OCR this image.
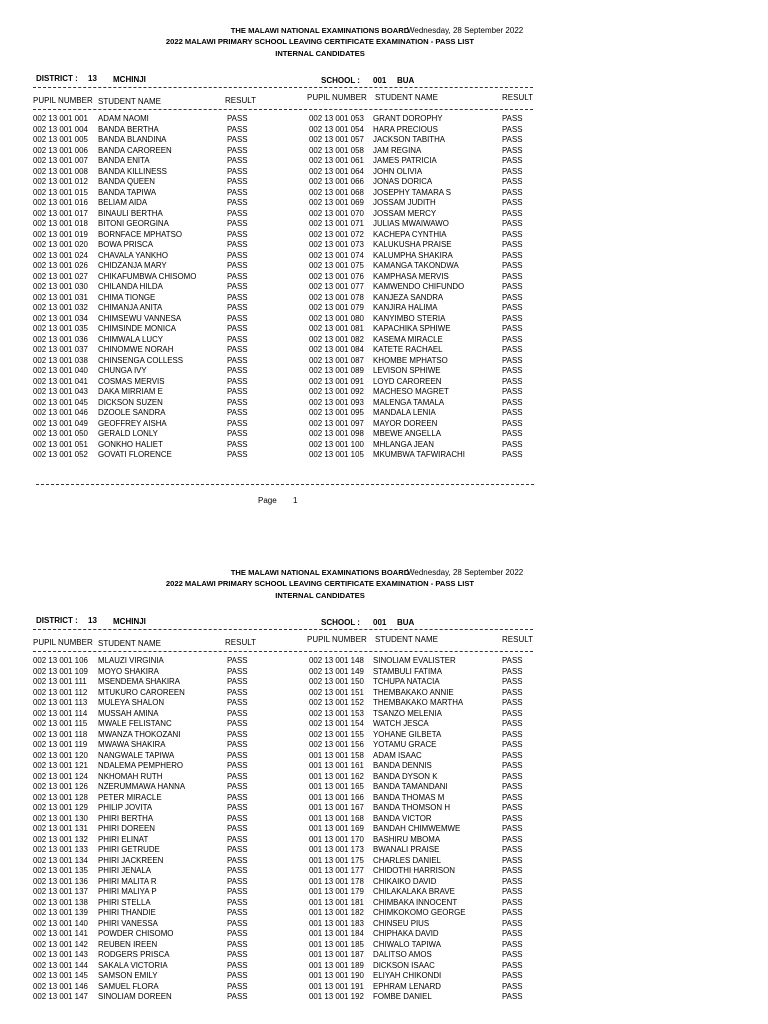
THE MALAWI NATIONAL EXAMINATIONS BOARD
Wednesday, 28 September 2022
2022 MALAWI PRIMARY SCHOOL LEAVING CERTIFICATE EXAMINATION - PASS LIST
INTERNAL CANDIDATES
DISTRICT : 13 MCHINJI	SCHOOL : 001 BUA
PUPIL NUMBER STUDENT NAME	RESULT	PUPIL NUMBER STUDENT NAME	RESULT
002 13 001 001 ADAM NAOMI	PASS	002 13 001 053 GRANT DOROPHY	PASS
002 13 001 004 BANDA BERTHA	PASS	002 13 001 054 HARA PRECIOUS	PASS
002 13 001 005 BANDA BLANDINA	PASS	002 13 001 057 JACKSON TABITHA	PASS
002 13 001 006 BANDA CAROREEN	PASS	002 13 001 058 JAM REGINA	PASS
002 13 001 007 BANDA ENITA	PASS	002 13 001 061 JAMES PATRICIA	PASS
002 13 001 008 BANDA KILLINESS	PASS	002 13 001 064 JOHN OLIVIA	PASS
002 13 001 012 BANDA QUEEN	PASS	002 13 001 066 JONAS DORICA	PASS
002 13 001 015 BANDA TAPIWA	PASS	002 13 001 068 JOSEPHY TAMARA S	PASS
002 13 001 016 BELIAM AIDA	PASS	002 13 001 069 JOSSAM JUDITH	PASS
002 13 001 017 BINAULI BERTHA	PASS	002 13 001 070 JOSSAM MERCY	PASS
002 13 001 018 BITONI GEORGINA	PASS	002 13 001 071 JULIAS MWAIWAWO	PASS
002 13 001 019 BORNFACE MPHATSO	PASS	002 13 001 072 KACHEPA CYNTHIA	PASS
002 13 001 020 BOWA PRISCA	PASS	002 13 001 073 KALUKUSHA PRAISE	PASS
002 13 001 024 CHAVALA YANKHO	PASS	002 13 001 074 KALUMPHA SHAKIRA	PASS
002 13 001 026 CHIDZANJA MARY	PASS	002 13 001 075 KAMANGA TAKONDWA	PASS
002 13 001 027 CHIKAFUMBWA CHISOMO	PASS	002 13 001 076 KAMPHASA MERVIS	PASS
002 13 001 030 CHILANDA HILDA	PASS	002 13 001 077 KAMWENDO CHIFUNDO	PASS
002 13 001 031 CHIMA TIONGE	PASS	002 13 001 078 KANJEZA SANDRA	PASS
002 13 001 032 CHIMANJA ANITA	PASS	002 13 001 079 KANJIRA HALIMA	PASS
002 13 001 034 CHIMSEWU VANNESA	PASS	002 13 001 080 KANYIMBO STERIA	PASS
002 13 001 035 CHIMSINDE MONICA	PASS	002 13 001 081 KAPACHIKA SPHIWE	PASS
002 13 001 036 CHIMWALA LUCY	PASS	002 13 001 082 KASEMA MIRACLE	PASS
002 13 001 037 CHINOMWE NORAH	PASS	002 13 001 084 KATETE RACHAEL	PASS
002 13 001 038 CHINSENGA COLLESS	PASS	002 13 001 087 KHOMBE MPHATSO	PASS
002 13 001 040 CHUNGA IVY	PASS	002 13 001 089 LEVISON SPHIWE	PASS
002 13 001 041 COSMAS MERVIS	PASS	002 13 001 091 LOYD CAROREEN	PASS
002 13 001 043 DAKA MIRRIAM E	PASS	002 13 001 092 MACHESO MAGRET	PASS
002 13 001 045 DICKSON SUZEN	PASS	002 13 001 093 MALENGA TAMALA	PASS
002 13 001 046 DZOOLE SANDRA	PASS	002 13 001 095 MANDALA LENIA	PASS
002 13 001 049 GEOFFREY AISHA	PASS	002 13 001 097 MAYOR DOREEN	PASS
002 13 001 050 GERALD LONLY	PASS	002 13 001 098 MBEWE ANGELLA	PASS
002 13 001 051 GONKHO HALIET	PASS	002 13 001 100 MHLANGA JEAN	PASS
002 13 001 052 GOVATI FLORENCE	PASS	002 13 001 105 MKUMBWA TAFWIRACHI	PASS
Page 1
THE MALAWI NATIONAL EXAMINATIONS BOARD
Wednesday, 28 September 2022
2022 MALAWI PRIMARY SCHOOL LEAVING CERTIFICATE EXAMINATION - PASS LIST
INTERNAL CANDIDATES
DISTRICT : 13 MCHINJI	SCHOOL : 001 BUA
PUPIL NUMBER STUDENT NAME	RESULT	PUPIL NUMBER STUDENT NAME	RESULT
002 13 001 106 MLAUZI VIRGINIA	PASS	002 13 001 148 SINOLIAM EVALISTER	PASS
002 13 001 109 MOYO SHAKIRA	PASS	002 13 001 149 STAMBULI FATIMA	PASS
002 13 001 111 MSENDEMA SHAKIRA	PASS	002 13 001 150 TCHUPA NATACIA	PASS
002 13 001 112 MTUKURO CAROREEN	PASS	002 13 001 151 THEMBAKAKO ANNIE	PASS
002 13 001 113 MULEYA SHALON	PASS	002 13 001 152 THEMBAKAKO MARTHA	PASS
002 13 001 114 MUSSAH AMINA	PASS	002 13 001 153 TSANZO MELENIA	PASS
002 13 001 115 MWALE FELISTANC	PASS	002 13 001 154 WATCH JESCA	PASS
002 13 001 118 MWANZA THOKOZANI	PASS	002 13 001 155 YOHANE GILBETA	PASS
002 13 001 119 MWAWA SHAKIRA	PASS	002 13 001 156 YOTAMU GRACE	PASS
002 13 001 120 NANGWALE TAPIWA	PASS	001 13 001 158 ADAM ISAAC	PASS
002 13 001 121 NDALEMA PEMPHERO	PASS	001 13 001 161 BANDA DENNIS	PASS
002 13 001 124 NKHOMAH RUTH	PASS	001 13 001 162 BANDA DYSON K	PASS
002 13 001 126 NZERUMMAWA HANNA	PASS	001 13 001 165 BANDA TAMANDANI	PASS
002 13 001 128 PETER MIRACLE	PASS	001 13 001 166 BANDA THOMAS M	PASS
002 13 001 129 PHILIP JOVITA	PASS	001 13 001 167 BANDA THOMSON H	PASS
002 13 001 130 PHIRI BERTHA	PASS	001 13 001 168 BANDA VICTOR	PASS
002 13 001 131 PHIRI DOREEN	PASS	001 13 001 169 BANDAH CHIMWEMWE	PASS
002 13 001 132 PHIRI ELINAT	PASS	001 13 001 170 BASHIRU MBOMA	PASS
002 13 001 133 PHIRI GETRUDE	PASS	001 13 001 173 BWANALI PRAISE	PASS
002 13 001 134 PHIRI JACKREEN	PASS	001 13 001 175 CHARLES DANIEL	PASS
002 13 001 135 PHIRI JENALA	PASS	001 13 001 177 CHIDOTHI HARRISON	PASS
002 13 001 136 PHIRI MALITA R	PASS	001 13 001 178 CHIKAIKO DAVID	PASS
002 13 001 137 PHIRI MALIYA P	PASS	001 13 001 179 CHILAKALAKA BRAVE	PASS
002 13 001 138 PHIRI STELLA	PASS	001 13 001 181 CHIMBAKA INNOCENT	PASS
002 13 001 139 PHIRI THANDIE	PASS	001 13 001 182 CHIMKOKOMO GEORGE	PASS
002 13 001 140 PHIRI VANESSA	PASS	001 13 001 183 CHINSEU PIUS	PASS
002 13 001 141 POWDER CHISOMO	PASS	001 13 001 184 CHIPHAKA DAVID	PASS
002 13 001 142 REUBEN IREEN	PASS	001 13 001 185 CHIWALO TAPIWA	PASS
002 13 001 143 RODGERS PRISCA	PASS	001 13 001 187 DALITSO AMOS	PASS
002 13 001 144 SAKALA VICTORIA	PASS	001 13 001 189 DICKSON ISAAC	PASS
002 13 001 145 SAMSON EMILY	PASS	001 13 001 190 ELIYAH CHIKONDI	PASS
002 13 001 146 SAMUEL FLORA	PASS	001 13 001 191 EPHRAM LENARD	PASS
002 13 001 147 SINOLIAM DOREEN	PASS	001 13 001 192 FOMBE DANIEL	PASS
